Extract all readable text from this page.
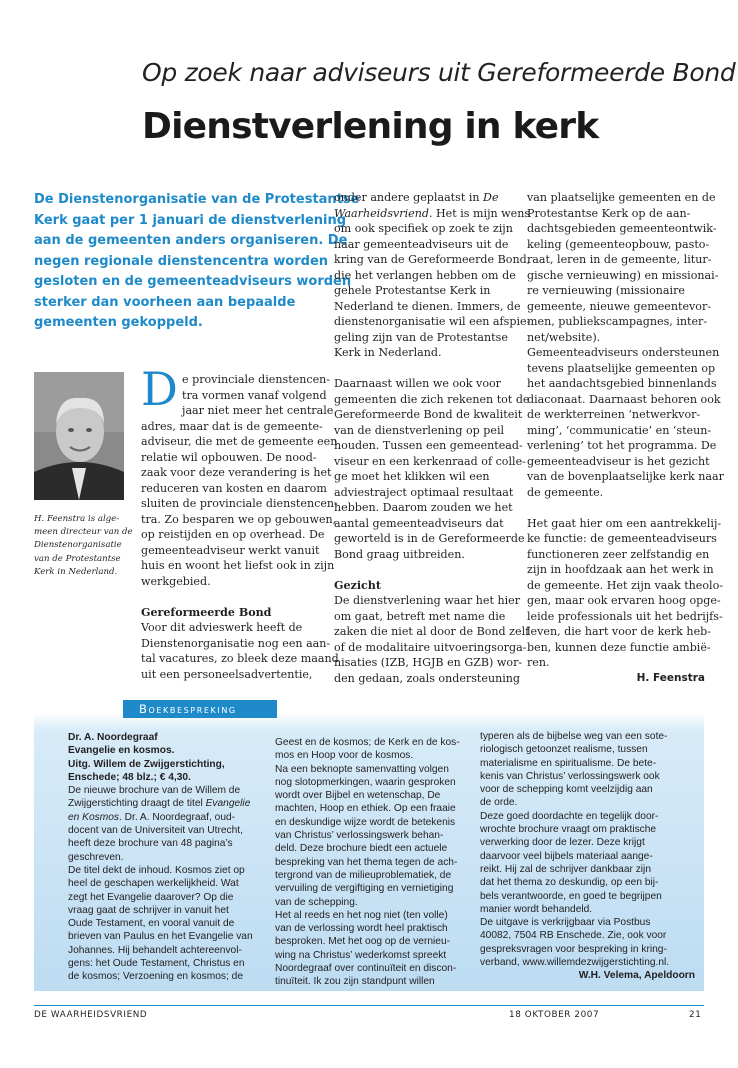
Op zoek naar adviseurs uit Gereformeerde Bond
Dienstverlening in kerk
De Dienstenorganisatie van de Protestantse
Kerk gaat per 1 januari de dienstverlening
aan de gemeenten anders organiseren. De
negen regionale dienstencentra worden
gesloten en de gemeenteadviseurs worden
sterker dan voorheen aan bepaalde
gemeenten gekoppeld.
H. Feenstra is alge-
meen directeur van de
Dienstenorganisatie
van de Protestantse
Kerk in Nederland.
D e provinciale dienstencen-
tra vormen vanaf volgend
jaar niet meer het centrale
adres, maar dat is de gemeente-
adviseur, die met de gemeente een
relatie wil opbouwen. De nood-
zaak voor deze verandering is het
reduceren van kosten en daarom
sluiten de provinciale dienstencen-
tra. Zo besparen we op gebouwen,
op reistijden en op overhead. De
gemeenteadviseur werkt vanuit
huis en woont het liefst ook in zijn
werkgebied.
Gereformeerde Bond
Voor dit advieswerk heeft de
Dienstenorganisatie nog een aan-
tal vacatures, zo bleek deze maand
uit een personeelsadvertentie,
onder andere geplaatst in De
Waarheidsvriend. Het is mijn wens
om ook specifiek op zoek te zijn
naar gemeenteadviseurs uit de
kring van de Gereformeerde Bond,
die het verlangen hebben om de
gehele Protestantse Kerk in
Nederland te dienen. Immers, de
dienstenorganisatie wil een afspie-
geling zijn van de Protestantse
Kerk in Nederland.
Daarnaast willen we ook voor
gemeenten die zich rekenen tot de
Gereformeerde Bond de kwaliteit
van de dienstverlening op peil
houden. Tussen een gemeentead-
viseur en een kerkenraad of colle-
ge moet het klikken wil een
adviestraject optimaal resultaat
hebben. Daarom zouden we het
aantal gemeenteadviseurs dat
geworteld is in de Gereformeerde
Bond graag uitbreiden.
Gezicht
De dienstverlening waar het hier
om gaat, betreft met name die
zaken die niet al door de Bond zelf
of de modalitaire uitvoeringsorga-
nisaties (IZB, HGJB en GZB) wor-
den gedaan, zoals ondersteuning
van plaatselijke gemeenten en de
Protestantse Kerk op de aan-
dachtsgebieden gemeenteontwik-
keling (gemeenteopbouw, pasto-
raat, leren in de gemeente, litur-
gische vernieuwing) en missionai-
re vernieuwing (missionaire
gemeente, nieuwe gemeentevor-
men, publiekscampagnes, inter-
net/website).
Gemeenteadviseurs ondersteunen
tevens plaatselijke gemeenten op
het aandachtsgebied binnenlands
diaconaat. Daarnaast behoren ook
de werkterreinen ‘netwerkvor-
ming’, ‘communicatie’ en ‘steun-
verlening’ tot het programma. De
gemeenteadviseur is het gezicht
van de bovenplaatselijke kerk naar
de gemeente.
Het gaat hier om een aantrekkelij-
ke functie: de gemeenteadviseurs
functioneren zeer zelfstandig en
zijn in hoofdzaak aan het werk in
de gemeente. Het zijn vaak theolo-
gen, maar ook ervaren hoog opge-
leide professionals uit het bedrijfs-
leven, die hart voor de kerk heb-
ben, kunnen deze functie ambië-
ren.
H. Feenstra
Boekbespreking
Dr. A. Noordegraaf
Evangelie en kosmos.
Uitg. Willem de Zwijgerstichting,
Enschede; 48 blz.; € 4,30.
De nieuwe brochure van de Willem de
Zwijgerstichting draagt de titel Evangelie
en Kosmos. Dr. A. Noordegraaf, oud-
docent van de Universiteit van Utrecht,
heeft deze brochure van 48 pagina’s
geschreven.
De titel dekt de inhoud. Kosmos ziet op
heel de geschapen werkelijkheid. Wat
zegt het Evangelie daarover? Op die
vraag gaat de schrijver in vanuit het
Oude Testament, en vooral vanuit de
brieven van Paulus en het Evangelie van
Johannes. Hij behandelt achtereenvol-
gens: het Oude Testament, Christus en
de kosmos; Verzoening en kosmos; de
Geest en de kosmos; de Kerk en de kos-
mos en Hoop voor de kosmos.
Na een beknopte samenvatting volgen
nog slotopmerkingen, waarin gesproken
wordt over Bijbel en wetenschap, De
machten, Hoop en ethiek. Op een fraaie
en deskundige wijze wordt de betekenis
van Christus’ verlossingswerk behan-
deld. Deze brochure biedt een actuele
bespreking van het thema tegen de ach-
tergrond van de milieuproblematiek, de
vervuiling de vergiftiging en vernietiging
van de schepping.
Het al reeds en het nog niet (ten volle)
van de verlossing wordt heel praktisch
besproken. Met het oog op de vernieu-
wing na Christus’ wederkomst spreekt
Noordegraaf over continuïteit en discon-
tinuïteit. Ik zou zijn standpunt willen
typeren als de bijbelse weg van een sote-
riologisch getoonzet realisme, tussen
materialisme en spiritualisme. De bete-
kenis van Christus’ verlossingswerk ook
voor de schepping komt veelzijdig aan
de orde.
Deze goed doordachte en tegelijk door-
wrochte brochure vraagt om praktische
verwerking door de lezer. Deze krijgt
daarvoor veel bijbels materiaal aange-
reikt. Hij zal de schrijver dankbaar zijn
dat het thema zo deskundig, op een bij-
bels verantwoorde, en goed te begrijpen
manier wordt behandeld.
De uitgave is verkrijgbaar via Postbus
40082, 7504 RB Enschede. Zie, ook voor
gespreksvragen voor bespreking in kring-
verband, www.willemdezwijgerstichting.nl.
W.H. Velema, Apeldoorn
DE WAARHEIDSVRIEND	18 OKTOBER 2007	21
